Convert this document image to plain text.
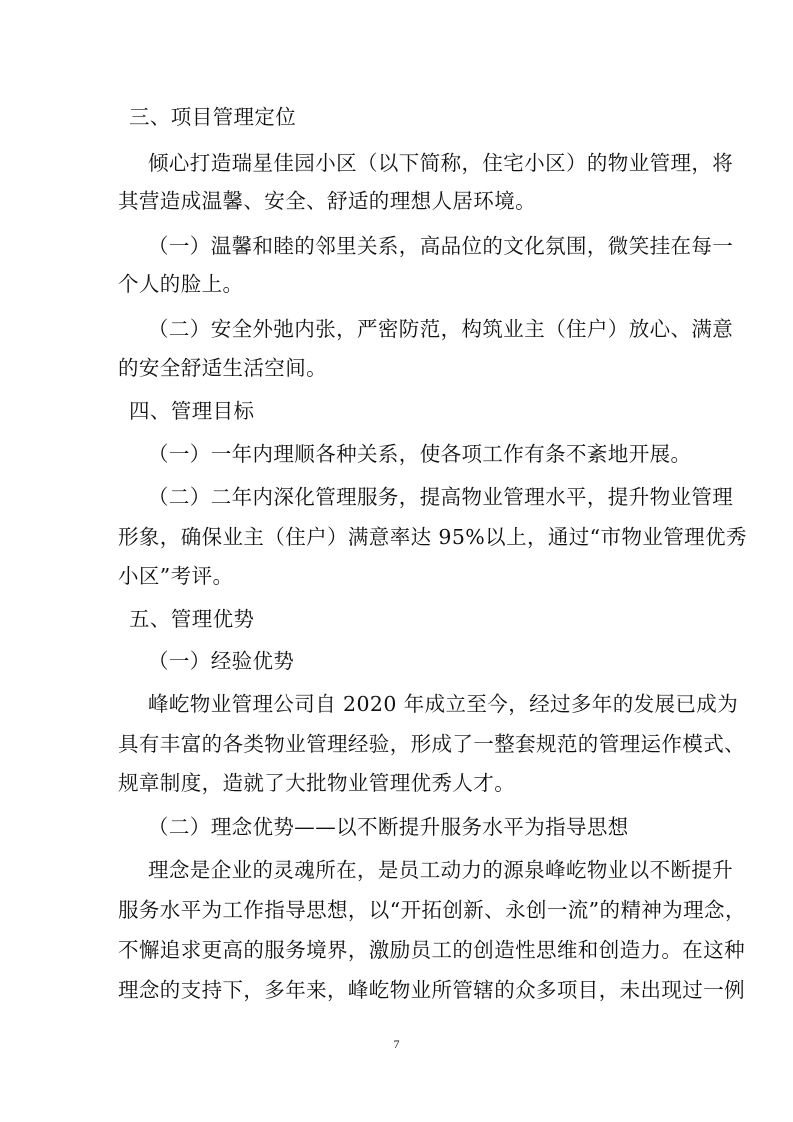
三、项目管理定位
倾心打造瑞星佳园小区（以下简称，住宅小区）的物业管理，将
其营造成温馨、安全、舒适的理想人居环境。
（一）温馨和睦的邻里关系，高品位的文化氛围，微笑挂在每一
个人的脸上。
（二）安全外弛内张，严密防范，构筑业主（住户）放心、满意
的安全舒适生活空间。
四、管理目标
（一）一年内理顺各种关系，使各项工作有条不紊地开展。
（二）二年内深化管理服务，提高物业管理水平，提升物业管理
形象，确保业主（住户）满意率达 95%以上，通过“市物业管理优秀
小区”考评。
五、管理优势
（一）经验优势
峰屹物业管理公司自 2020 年成立至今，经过多年的发展已成为
具有丰富的各类物业管理经验，形成了一整套规范的管理运作模式、
规章制度，造就了大批物业管理优秀人才。
（二）理念优势——以不断提升服务水平为指导思想
理念是企业的灵魂所在，是员工动力的源泉峰屹物业以不断提升
服务水平为工作指导思想，以“开拓创新、永创一流”的精神为理念，
不懈追求更高的服务境界，激励员工的创造性思维和创造力。在这种
理念的支持下，多年来，峰屹物业所管辖的众多项目，未出现过一例
7
